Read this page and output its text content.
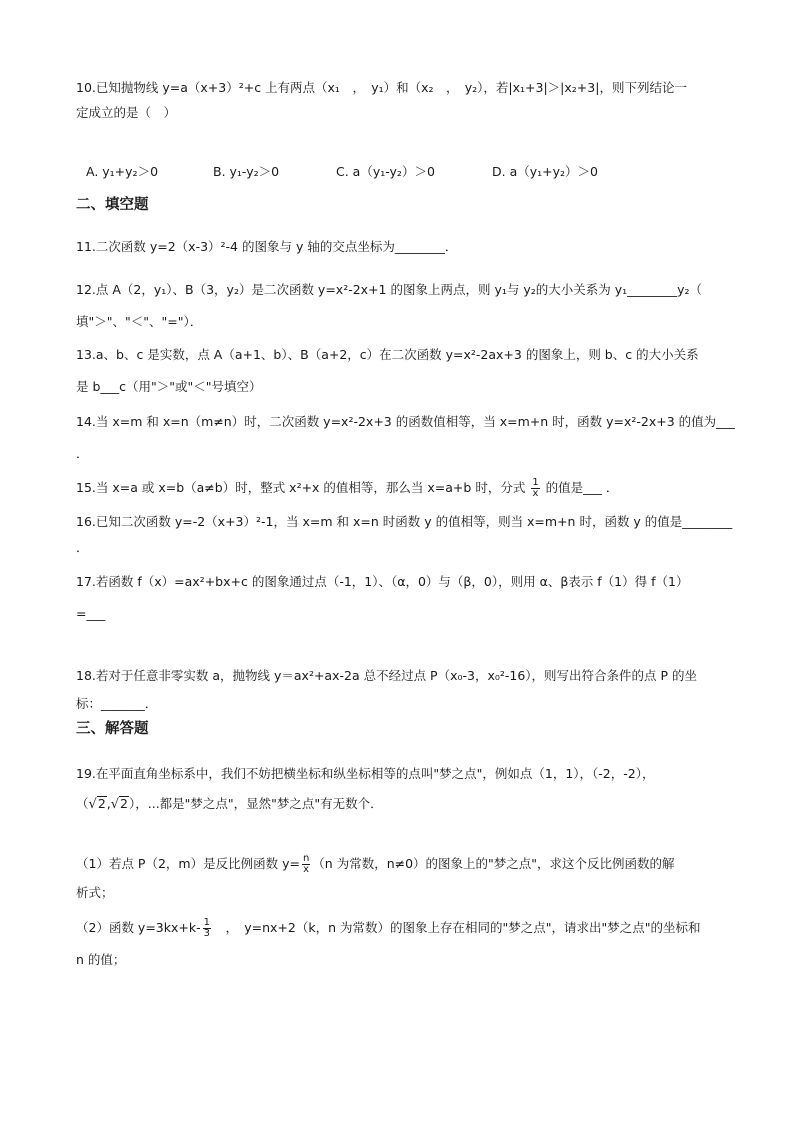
10.已知抛物线 y=a（x+3）²+c 上有两点（x₁　，　y₁）和（x₂　，　y₂），若|x₁+3|＞|x₂+3|，则下列结论一
定成立的是（　）
A. y₁+y₂＞0	B. y₁-y₂＞0	C. a（y₁-y₂）＞0	D. a（y₁+y₂）＞0
二、填空题
11.二次函数 y=2（x-3）²-4 的图象与 y 轴的交点坐标为________．
12.点 A（2，y₁）、B（3，y₂）是二次函数 y=x²-2x+1 的图象上两点，则 y₁与 y₂的大小关系为 y₁________y₂（
填"＞"、"＜"、"="）．
13.a、b、c 是实数，点 A（a+1、b）、B（a+2，c）在二次函数 y=x²-2ax+3 的图象上，则 b、c 的大小关系
是 b___c（用"＞"或"＜"号填空）
14.当 x=m 和 x=n（m≠n）时，二次函数 y=x²-2x+3 的函数值相等，当 x=m+n 时，函数 y=x²-2x+3 的值为___
．
15.当 x=a 或 x=b（a≠b）时，整式 x²+x 的值相等，那么当 x=a+b 时，分式 $\frac{1}{x}$ 的值是___ ．
16.已知二次函数 y=-2（x+3）²-1，当 x=m 和 x=n 时函数 y 的值相等，则当 x=m+n 时，函数 y 的值是________
．
17.若函数 f（x）=ax²+bx+c 的图象通过点（-1，1）、（α，0）与（β，0），则用 α、β表示 f（1）得 f（1）
=___
18.若对于任意非零实数 a，抛物线 y＝ax²+ax-2a 总不经过点 P（x₀-3，x₀²-16），则写出符合条件的点 P 的坐
标：_______．
三、解答题
19.在平面直角坐标系中，我们不妨把横坐标和纵坐标相等的点叫"梦之点"，例如点（1，1），（-2，-2），
（√2,√2），...都是"梦之点"，显然"梦之点"有无数个．
（1）若点 P（2，m）是反比例函数 $y= \frac{n}{x} (n$ 为常数，n≠0）的图象上的"梦之点"，求这个反比例函数的解
析式；
（2）函数 $y=3kx+k- \frac{1}{3}$ 　，　y=nx+2（k，n 为常数）的图象上存在相同的"梦之点"，请求出"梦之点"的坐标和
n 的值；
